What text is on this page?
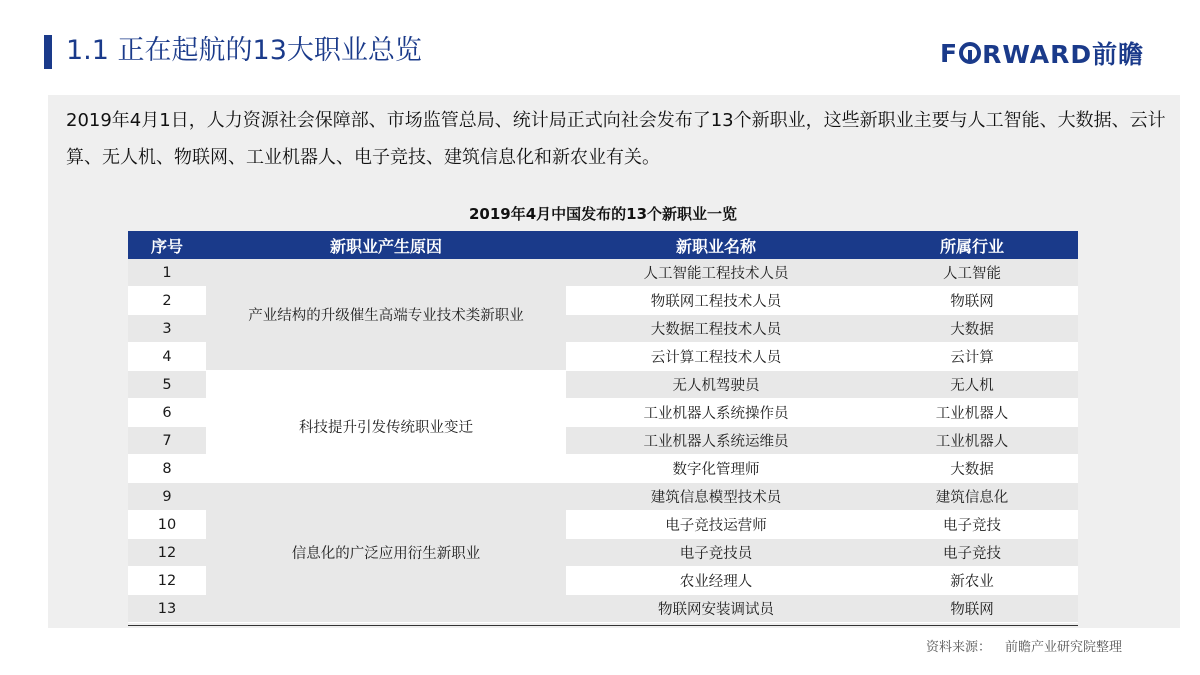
1.1 正在起航的13大职业总览	F RWARD前瞻
2019年4月1日，人力资源社会保障部、市场监管总局、统计局正式向社会发布了13个新职业，这些新职业主要与人工智能、大数据、云计算、无人机、物联网、工业机器人、电子竞技、建筑信息化和新农业有关。
2019年4月中国发布的13个新职业一览
序号	新职业产生原因	新职业名称	所属行业
1	产业结构的升级催生高端专业技术类新职业	人工智能工程技术人员	人工智能
2		物联网工程技术人员	物联网
3		大数据工程技术人员	大数据
4		云计算工程技术人员	云计算
5	科技提升引发传统职业变迁	无人机驾驶员	无人机
6		工业机器人系统操作员	工业机器人
7		工业机器人系统运维员	工业机器人
8		数字化管理师	大数据
9	信息化的广泛应用衍生新职业	建筑信息模型技术员	建筑信息化
10		电子竞技运营师	电子竞技
12		电子竞技员	电子竞技
12		农业经理人	新农业
13		物联网安装调试员	物联网
资料来源： 前瞻产业研究院整理
